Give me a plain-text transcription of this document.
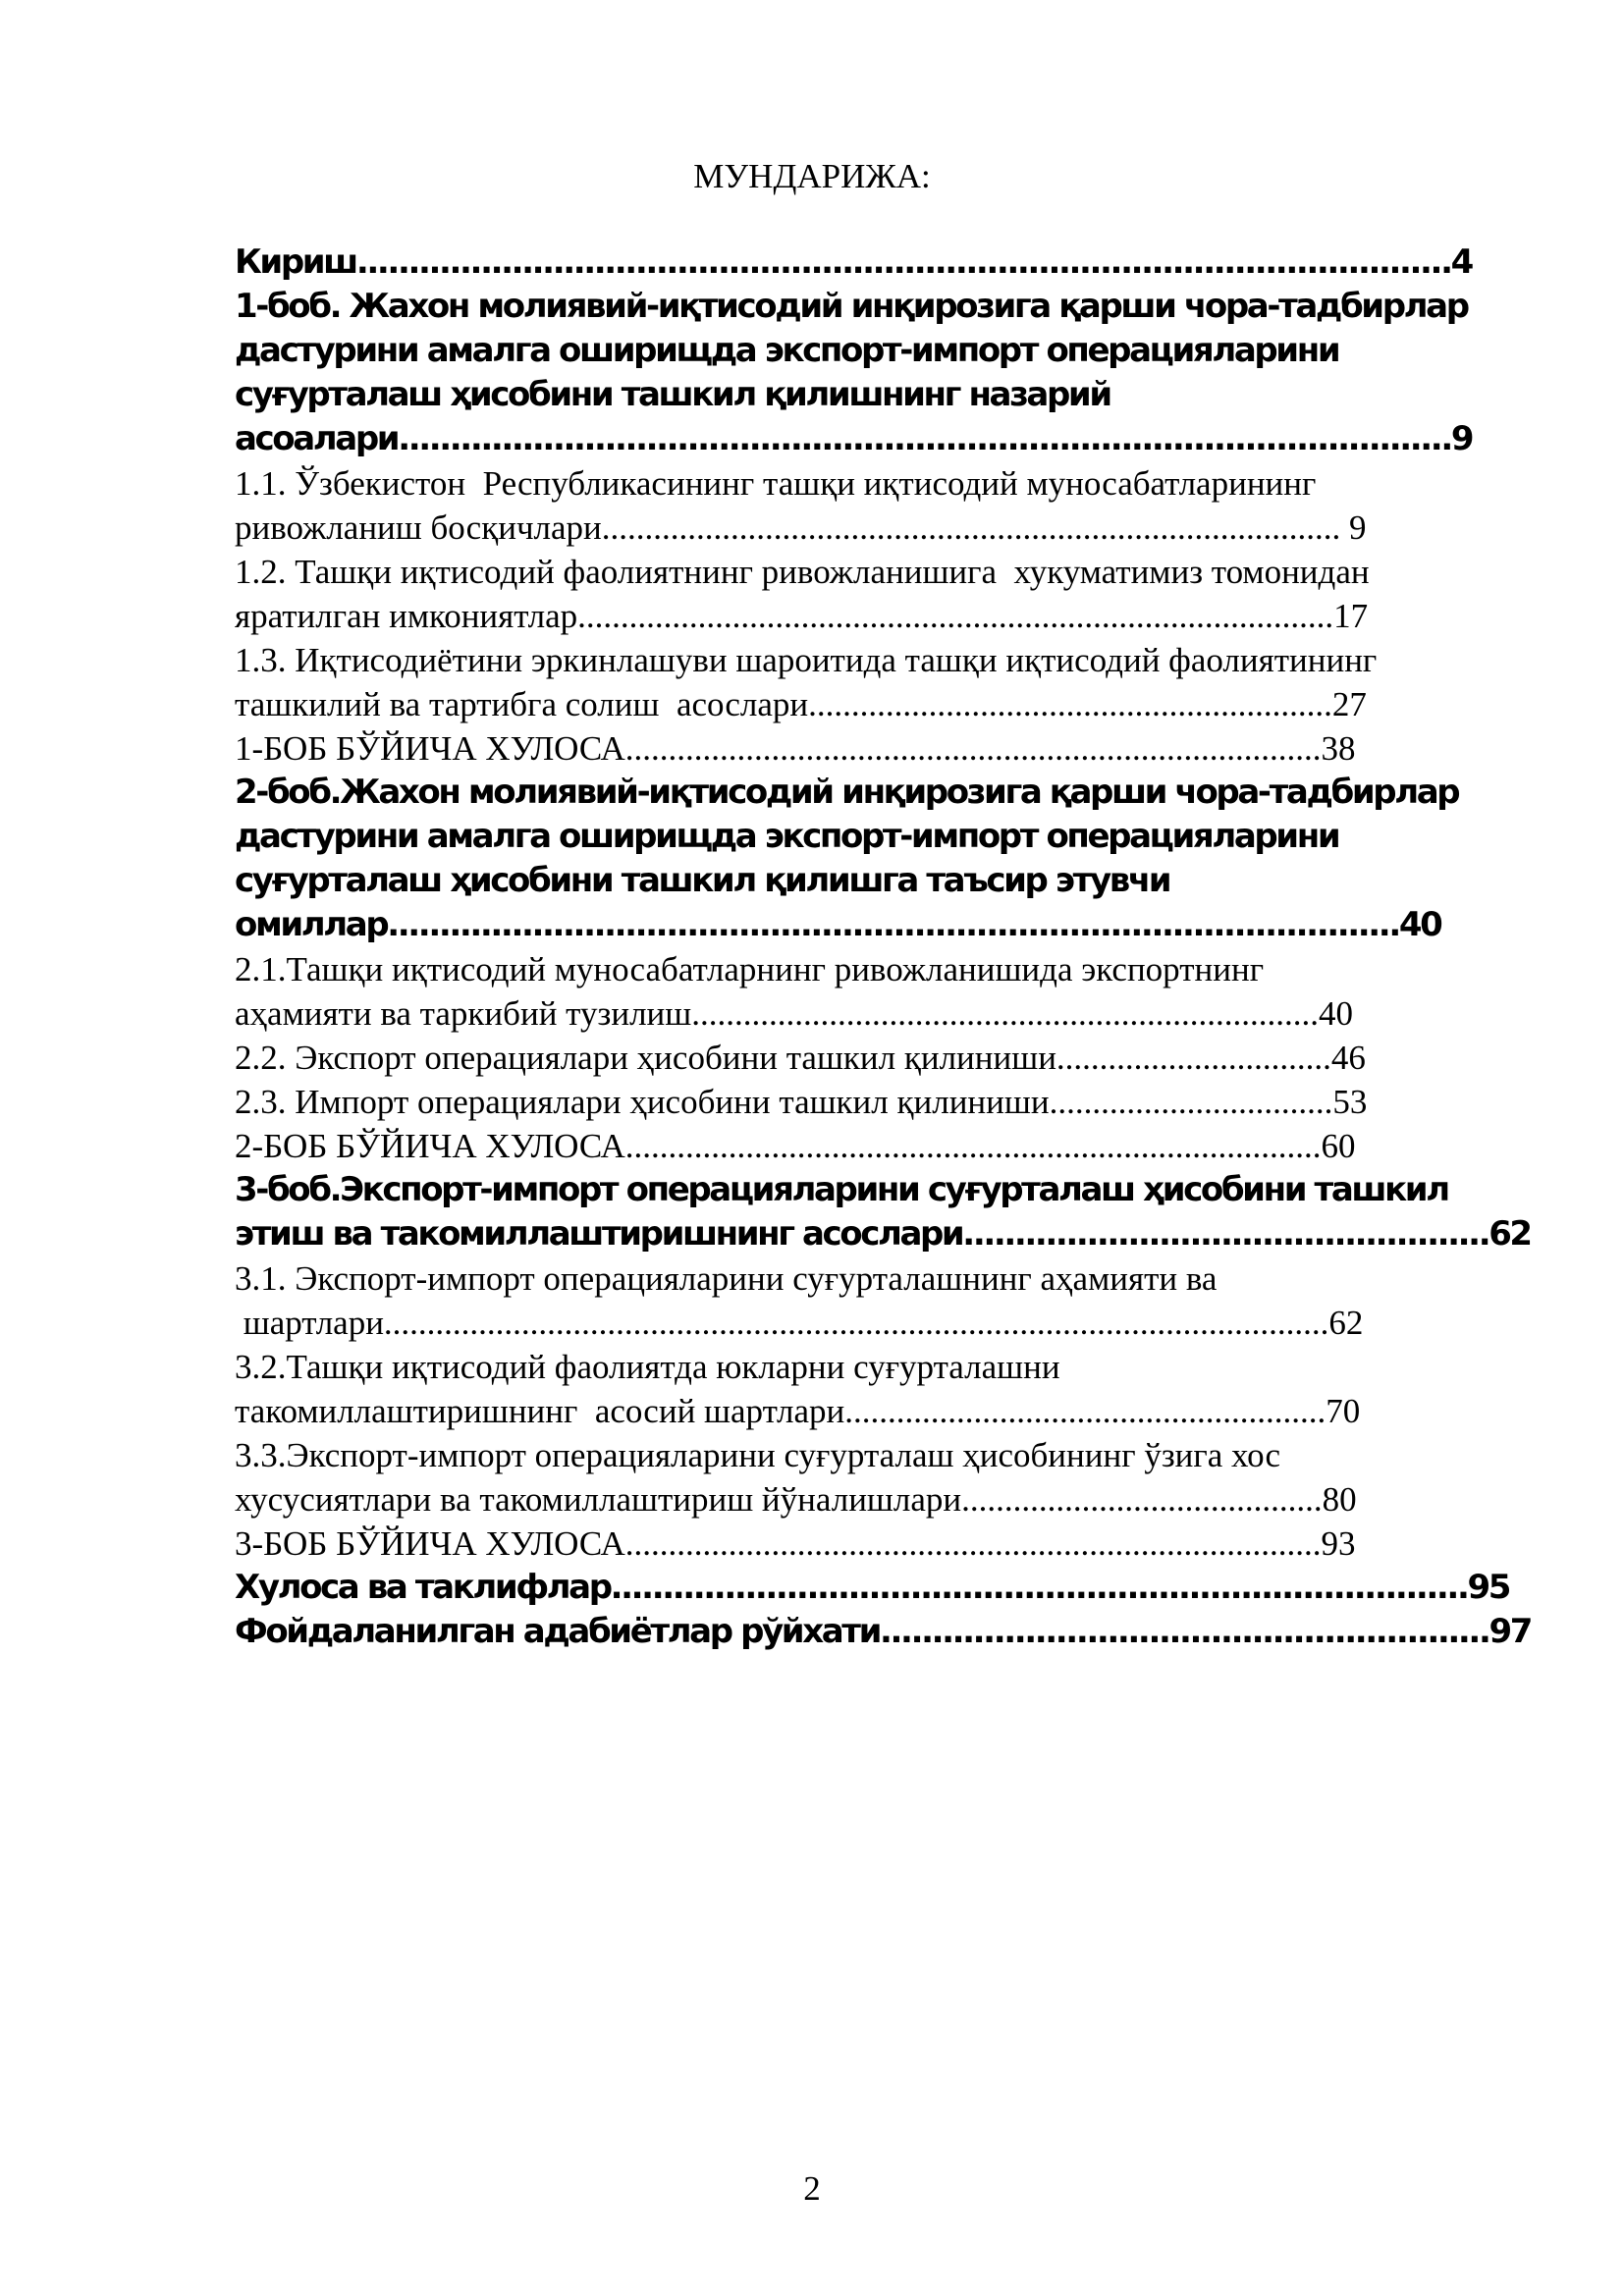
МУНДАРИЖА:
Кириш..........................................................................................................4
1-боб. Жахон молиявий-иқтисодий инқирозига қарши чора-тадбирлар
дастурини амалга оширищда экспорт-импорт операцияларини
суғурталаш ҳисобини ташкил қилишнинг назарий
асоалари......................................................................................................9
1.1. Ўзбекистон  Республикасининг ташқи иқтисодий муносабатларининг
ривожланиш босқичлари...................................................................................... 9
1.2. Ташқи иқтисодий фаолиятнинг ривожланишига  хукуматимиз томонидан
яратилган имкониятлар........................................................................................17
1.3. Иқтисодиётини эркинлашуви шароитида ташқи иқтисодий фаолиятининг
ташкилий ва тартибга солиш  асослари.............................................................27
1-БОБ БЎЙИЧА ХУЛОСА.................................................................................38
2-боб.Жахон молиявий-иқтисодий инқирозига қарши чора-тадбирлар
дастурини амалга оширищда экспорт-импорт операцияларини
суғурталаш ҳисобини ташкил қилишга таъсир этувчи
омиллар..................................................................................................40
2.1.Ташқи иқтисодий муносабатларнинг ривожланишида экспортнинг
аҳамияти ва таркибий тузилиш.........................................................................40
2.2. Экспорт операциялари ҳисобини ташкил қилиниши................................46
2.3. Импорт операциялари ҳисобини ташкил қилиниши.................................53
2-БОБ БЎЙИЧА ХУЛОСА.................................................................................60
3-боб.Экспорт-импорт операцияларини суғурталаш ҳисобини ташкил
этиш ва такомиллаштиришнинг асослари...................................................62
3.1. Экспорт-импорт операцияларини суғурталашнинг аҳамияти ва
шартлари..............................................................................................................62
3.2.Ташқи иқтисодий фаолиятда юкларни суғурталашни
такомиллаштиришнинг  асосий шартлари........................................................70
3.3.Экспорт-импорт операцияларини суғурталаш ҳисобининг ўзига хос
хусусиятлари ва такомиллаштириш йўналишлари..........................................80
3-БОБ БЎЙИЧА ХУЛОСА.................................................................................93
Хулоса ва таклифлар...................................................................................95
Фойдаланилган адабиётлар рўйхати...........................................................97
2
